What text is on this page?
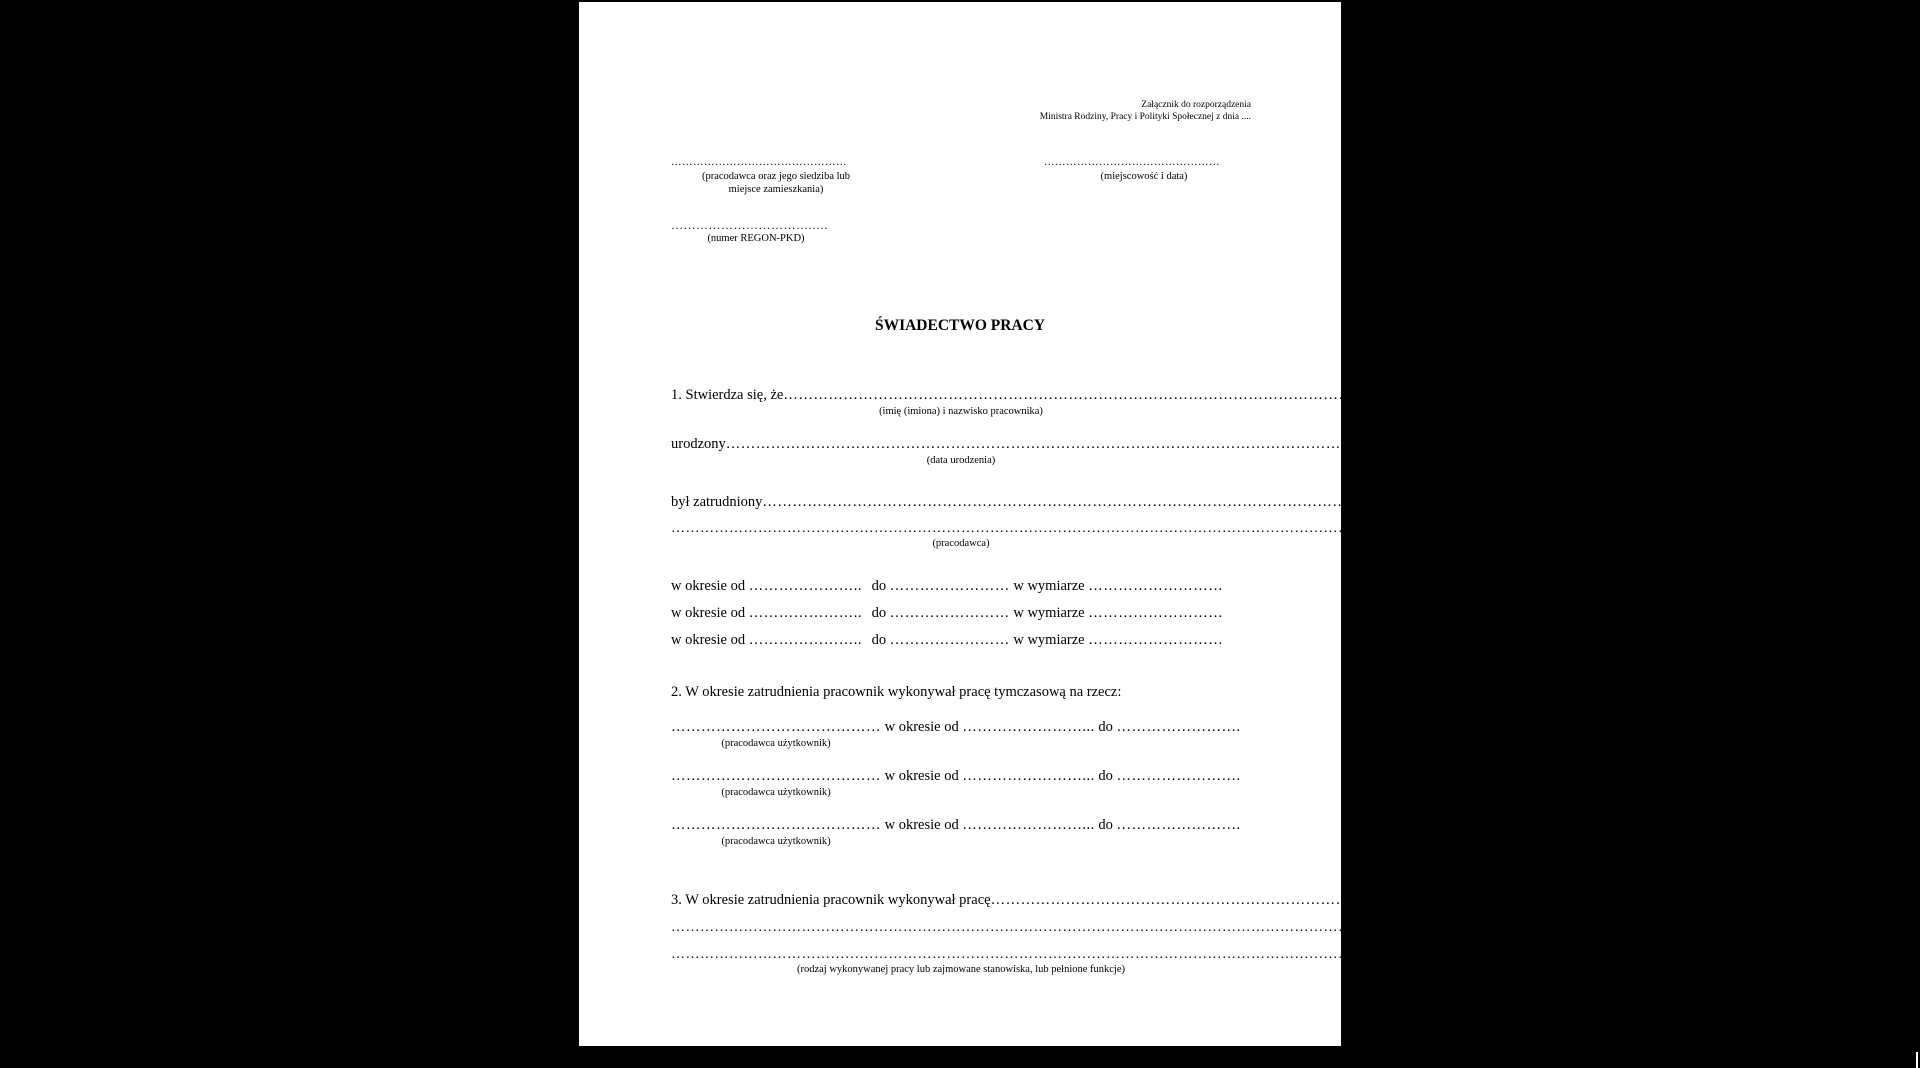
Załącznik do rozporządzenia
Ministra Rodziny, Pracy i Polityki Społecznej z dnia ....
…………………………………………
(pracodawca oraz jego siedziba lub
miejsce zamieszkania)
…………………………………………
(miejscowość i data)
…………………………….….
(numer REGON-PKD)
ŚWIADECTWO PRACY
1. Stwierdza się, że………………………………………………………………………………………………………………………………
(imię (imiona) i nazwisko pracownika)
urodzony………………………………………………………………………………………………………………………………
(data urodzenia)
był zatrudniony………………………………………………………………………………………………………………………………
………………………………………………………………………………………………………………………………
(pracodawca)
w okresie od ………………….. do …………………… w wymiarze ………………………
w okresie od ………………….. do …………………… w wymiarze ………………………
w okresie od ………………….. do …………………… w wymiarze ………………………
2. W okresie zatrudnienia pracownik wykonywał pracę tymczasową na rzecz:
…………………………………… w okresie od ……………………... do …………………….
(pracodawca użytkownik)
…………………………………… w okresie od ……………………... do …………………….
(pracodawca użytkownik)
…………………………………… w okresie od ……………………... do …………………….
(pracodawca użytkownik)
3. W okresie zatrudnienia pracownik wykonywał pracę………………………………………………………………………………………………………………………………
………………………………………………………………………………………………………………………………
………………………………………………………………………………………………………………………………
(rodzaj wykonywanej pracy lub zajmowane stanowiska, lub pełnione funkcje)
